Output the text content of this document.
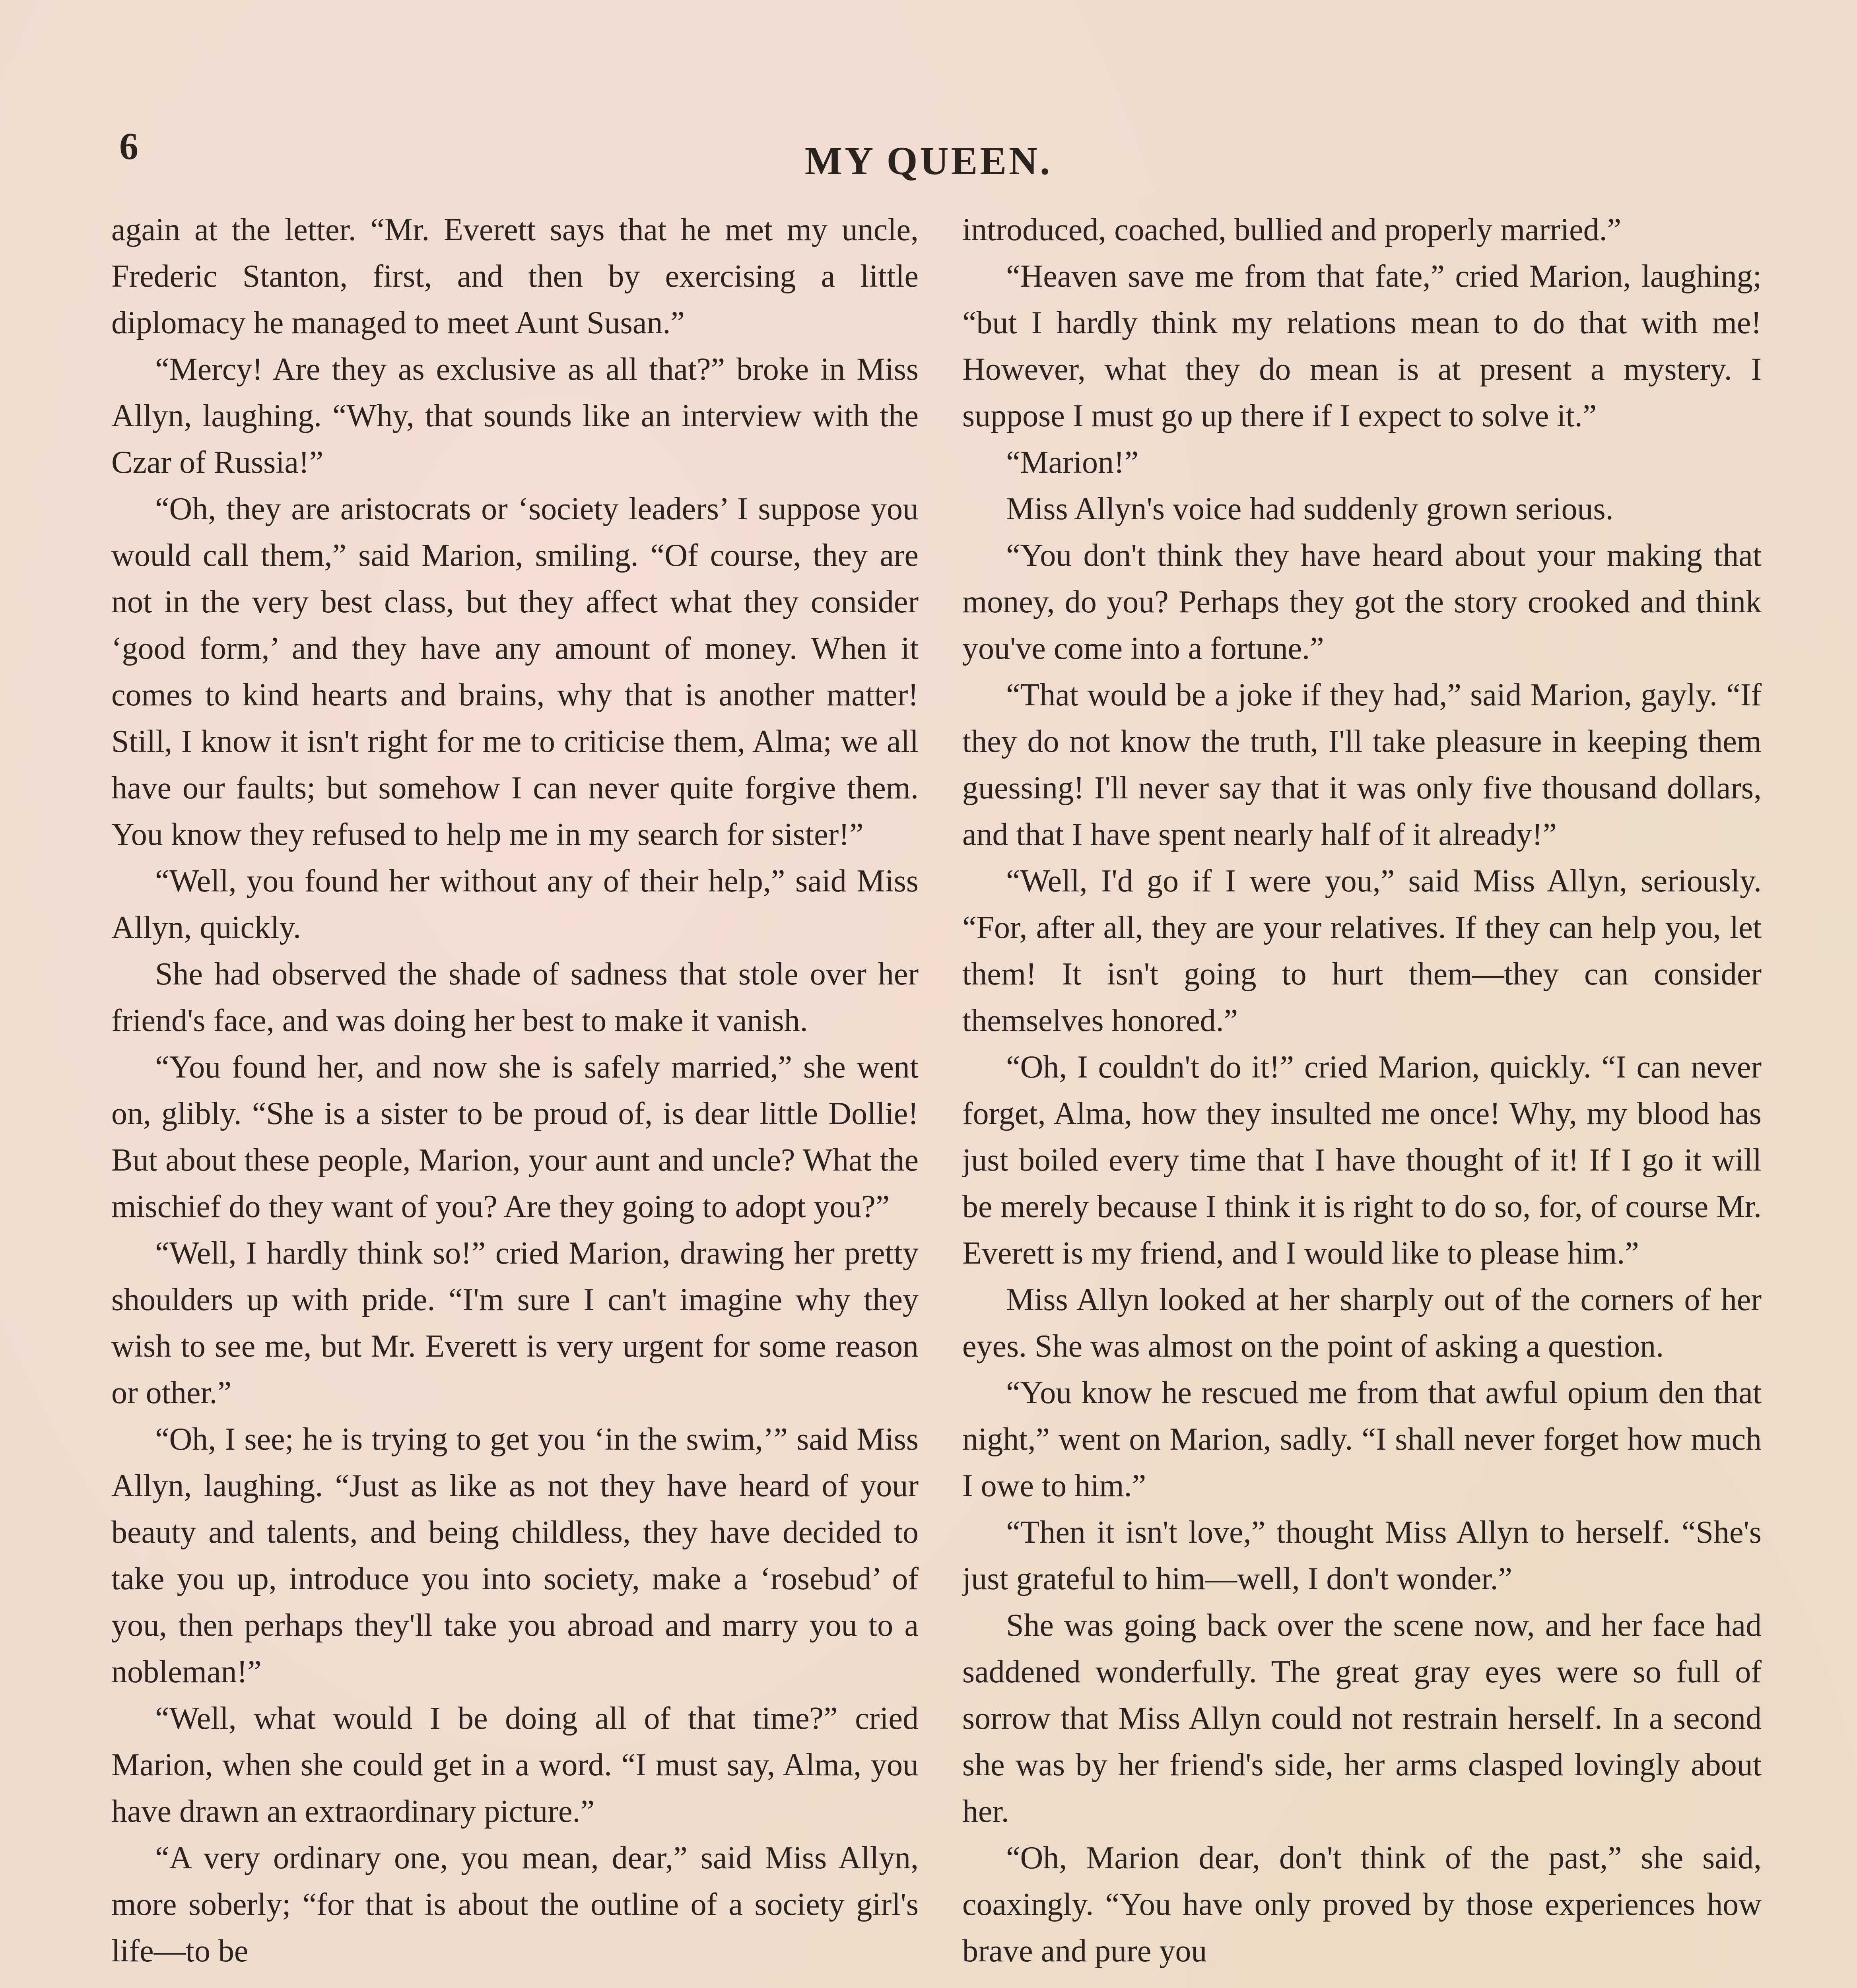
6	MY QUEEN.

again at the letter. “Mr. Everett says that he met my uncle, Frederic Stanton, first, and then by exercising a little diplomacy he managed to meet Aunt Susan.”

“Mercy! Are they as exclusive as all that?” broke in Miss Allyn, laughing. “Why, that sounds like an interview with the Czar of Russia!”

“Oh, they are aristocrats or ‘society leaders’ I suppose you would call them,” said Marion, smiling. “Of course, they are not in the very best class, but they affect what they consider ‘good form,’ and they have any amount of money. When it comes to kind hearts and brains, why that is another matter! Still, I know it isn't right for me to criticise them, Alma; we all have our faults; but somehow I can never quite forgive them. You know they refused to help me in my search for sister!”

“Well, you found her without any of their help,” said Miss Allyn, quickly.

She had observed the shade of sadness that stole over her friend's face, and was doing her best to make it vanish.

“You found her, and now she is safely married,” she went on, glibly. “She is a sister to be proud of, is dear little Dollie! But about these people, Marion, your aunt and uncle? What the mischief do they want of you? Are they going to adopt you?”

“Well, I hardly think so!” cried Marion, drawing her pretty shoulders up with pride. “I'm sure I can't imagine why they wish to see me, but Mr. Everett is very urgent for some reason or other.”

“Oh, I see; he is trying to get you ‘in the swim,’” said Miss Allyn, laughing. “Just as like as not they have heard of your beauty and talents, and being childless, they have decided to take you up, introduce you into society, make a ‘rosebud’ of you, then perhaps they'll take you abroad and marry you to a nobleman!”

“Well, what would I be doing all of that time?” cried Marion, when she could get in a word. “I must say, Alma, you have drawn an extraordinary picture.”

“A very ordinary one, you mean, dear,” said Miss Allyn, more soberly; “for that is about the outline of a society girl's life—to be

introduced, coached, bullied and properly married.”

“Heaven save me from that fate,” cried Marion, laughing; “but I hardly think my relations mean to do that with me! However, what they do mean is at present a mystery. I suppose I must go up there if I expect to solve it.”

“Marion!”

Miss Allyn's voice had suddenly grown serious.

“You don't think they have heard about your making that money, do you? Perhaps they got the story crooked and think you've come into a fortune.”

“That would be a joke if they had,” said Marion, gayly. “If they do not know the truth, I'll take pleasure in keeping them guessing! I'll never say that it was only five thousand dollars, and that I have spent nearly half of it already!”

“Well, I'd go if I were you,” said Miss Allyn, seriously. “For, after all, they are your relatives. If they can help you, let them! It isn't going to hurt them—they can consider themselves honored.”

“Oh, I couldn't do it!” cried Marion, quickly. “I can never forget, Alma, how they insulted me once! Why, my blood has just boiled every time that I have thought of it! If I go it will be merely because I think it is right to do so, for, of course Mr. Everett is my friend, and I would like to please him.”

Miss Allyn looked at her sharply out of the corners of her eyes. She was almost on the point of asking a question.

“You know he rescued me from that awful opium den that night,” went on Marion, sadly. “I shall never forget how much I owe to him.”

“Then it isn't love,” thought Miss Allyn to herself. “She's just grateful to him—well, I don't wonder.”

She was going back over the scene now, and her face had saddened wonderfully. The great gray eyes were so full of sorrow that Miss Allyn could not restrain herself. In a second she was by her friend's side, her arms clasped lovingly about her.

“Oh, Marion dear, don't think of the past,” she said, coaxingly. “You have only proved by those experiences how brave and pure you
